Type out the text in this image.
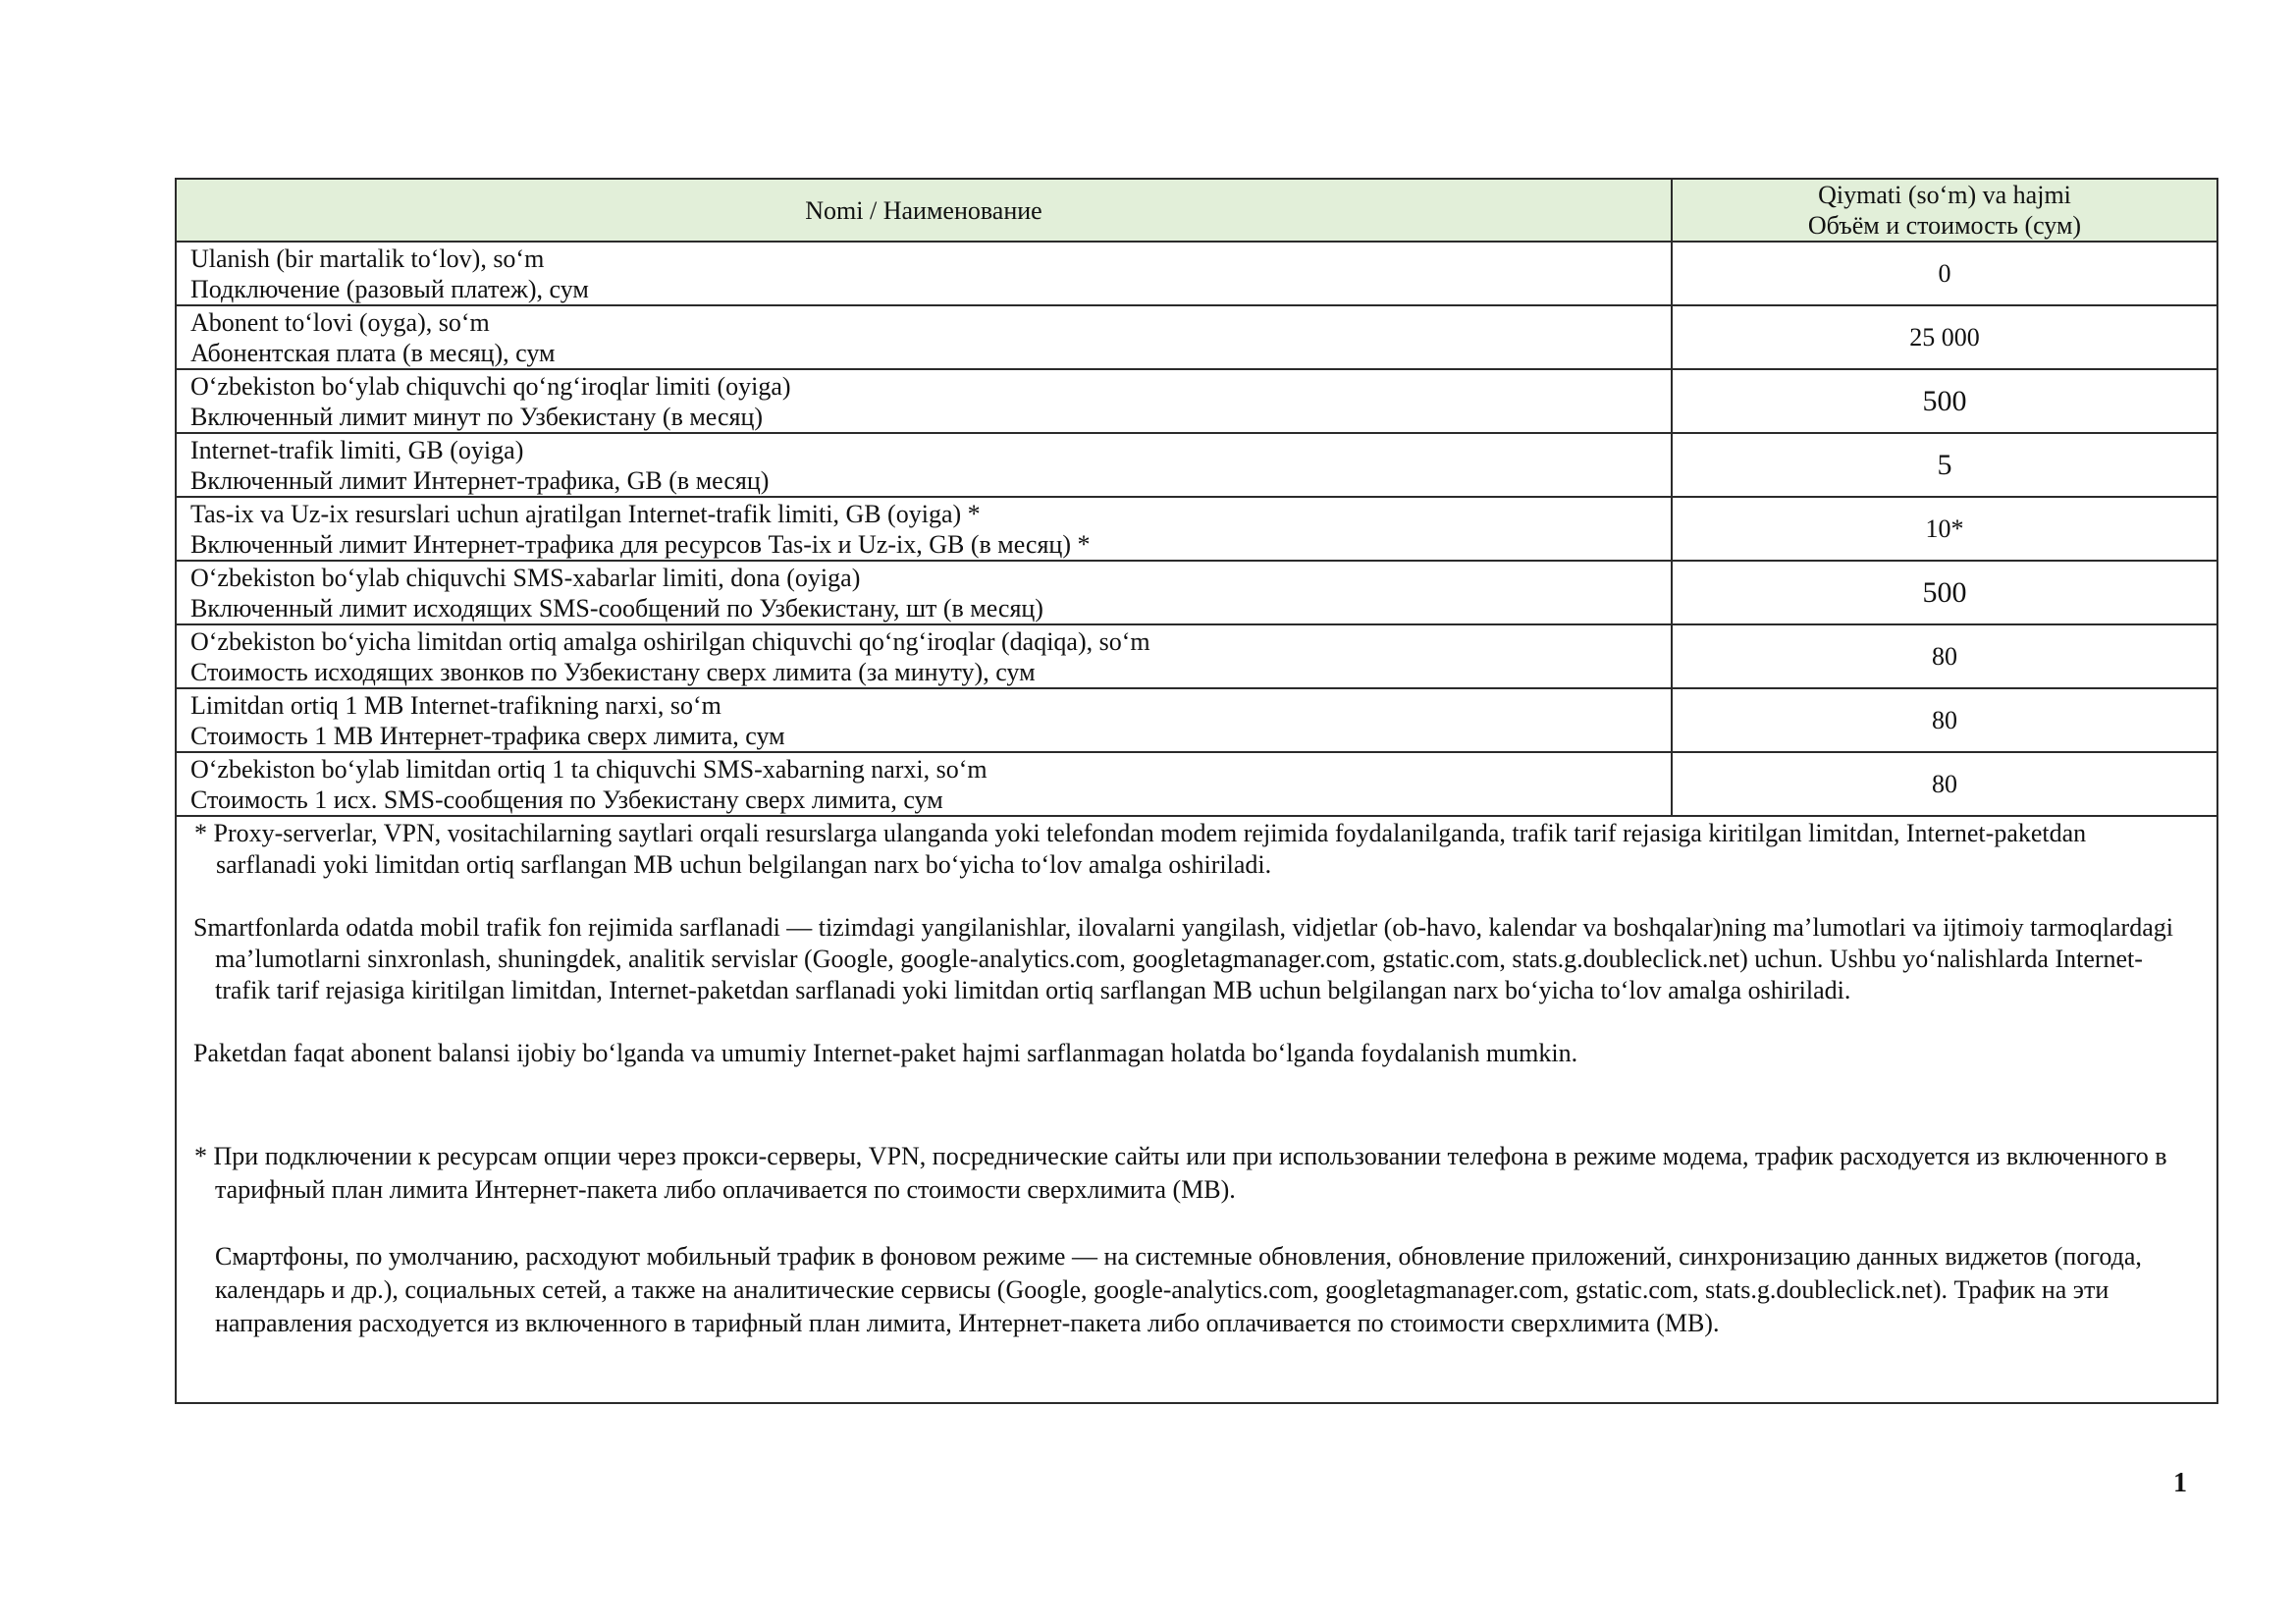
Nomi / Наименование	Qiymati (so‘m) va hajmi
Объём и стоимость (сум)

Ulanish (bir martalik to‘lov), so‘m
Подключение (разовый платеж), сум	0

Abonent to‘lovi (oyga), so‘m
Абонентская плата (в месяц), сум	25 000

O‘zbekiston bo‘ylab chiquvchi qo‘ng‘iroqlar limiti (oyiga)
Включенный лимит минут по Узбекистану (в месяц)	500

Internet-trafik limiti, GB (oyiga)
Включенный лимит Интернет-трафика, GB (в месяц)	5

Tas-ix va Uz-ix resurslari uchun ajratilgan Internet-trafik limiti, GB (oyiga) *
Включенный лимит Интернет-трафика для ресурсов Tas-ix и Uz-ix, GB (в месяц) *	10*

O‘zbekiston bo‘ylab chiquvchi SMS-xabarlar limiti, dona (oyiga)
Включенный лимит исходящих SMS-сообщений по Узбекистану, шт (в месяц)	500

O‘zbekiston bo‘yicha limitdan ortiq amalga oshirilgan chiquvchi qo‘ng‘iroqlar (daqiqa), so‘m
Стоимость исходящих звонков по Узбекистану сверх лимита (за минуту), сум	80

Limitdan ortiq 1 MB Internet-trafikning narxi, so‘m
Стоимость 1 MB Интернет-трафика сверх лимита, сум	80

O‘zbekiston bo‘ylab limitdan ortiq 1 ta chiquvchi SMS-xabarning narxi, so‘m
Стоимость 1 исх. SMS-сообщения по Узбекистану сверх лимита, сум	80

* Proxy-serverlar, VPN, vositachilarning saytlari orqali resurslarga ulanganda yoki telefondan modem rejimida foydalanilganda, trafik tarif rejasiga kiritilgan limitdan, Internet-paketdan sarflanadi yoki limitdan ortiq sarflangan MB uchun belgilangan narx bo‘yicha to‘lov amalga oshiriladi.

Smartfonlarda odatda mobil trafik fon rejimida sarflanadi — tizimdagi yangilanishlar, ilovalarni yangilash, vidjetlar (ob-havo, kalendar va boshqalar)ning ma’lumotlari va ijtimoiy tarmoqlardagi ma’lumotlarni sinxronlash, shuningdek, analitik servislar (Google, google-analytics.com, googletagmanager.com, gstatic.com, stats.g.doubleclick.net) uchun. Ushbu yo‘nalishlarda Internet-trafik tarif rejasiga kiritilgan limitdan, Internet-paketdan sarflanadi yoki limitdan ortiq sarflangan MB uchun belgilangan narx bo‘yicha to‘lov amalga oshiriladi.

Paketdan faqat abonent balansi ijobiy bo‘lganda va umumiy Internet-paket hajmi sarflanmagan holatda bo‘lganda foydalanish mumkin.

* При подключении к ресурсам опции через прокси-серверы, VPN, посреднические сайты или при использовании телефона в режиме модема, трафик расходуется из включенного в тарифный план лимита Интернет-пакета либо оплачивается по стоимости сверхлимита (MB).

Смартфоны, по умолчанию, расходуют мобильный трафик в фоновом режиме — на системные обновления, обновление приложений, синхронизацию данных виджетов (погода, календарь и др.), социальных сетей, а также на аналитические сервисы (Google, google-analytics.com, googletagmanager.com, gstatic.com, stats.g.doubleclick.net). Трафик на эти направления расходуется из включенного в тарифный план лимита, Интернет-пакета либо оплачивается по стоимости сверхлимита (MB).	

1
